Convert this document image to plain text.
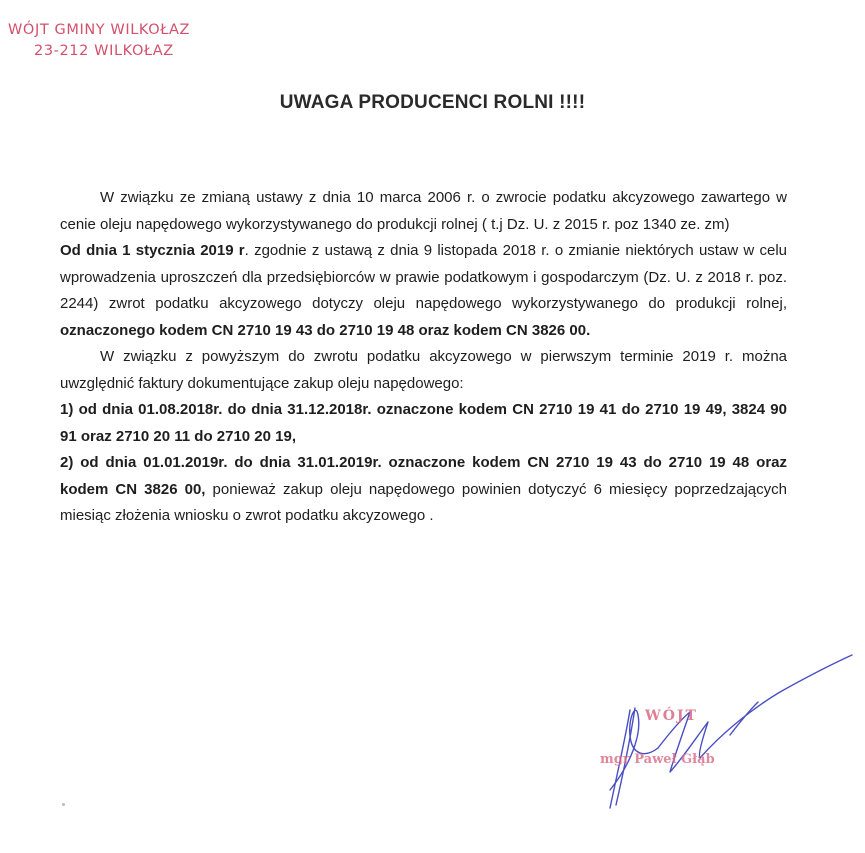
WÓJT GMINY WILKOŁAZ
23-212 WILKOŁAZ
UWAGA PRODUCENCI ROLNI !!!!

W związku ze zmianą ustawy z dnia 10 marca 2006 r. o zwrocie podatku akcyzowego zawartego w cenie oleju napędowego wykorzystywanego do produkcji rolnej ( t.j Dz. U. z 2015 r. poz 1340 ze. zm)

Od dnia 1 stycznia 2019 r. zgodnie z ustawą z dnia 9 listopada 2018 r. o zmianie niektórych ustaw w celu wprowadzenia uproszczeń dla przedsiębiorców w prawie podatkowym i gospodarczym (Dz. U. z 2018 r. poz. 2244) zwrot podatku akcyzowego dotyczy oleju napędowego wykorzystywanego do produkcji rolnej, oznaczonego kodem CN 2710 19 43 do 2710 19 48 oraz kodem CN 3826 00.

W związku z powyższym do zwrotu podatku akcyzowego w pierwszym terminie 2019 r. można uwzględnić faktury dokumentujące zakup oleju napędowego:

1) od dnia 01.08.2018r. do dnia 31.12.2018r. oznaczone kodem CN 2710 19 41 do 2710 19 49, 3824 90 91 oraz 2710 20 11 do 2710 20 19,

2) od dnia 01.01.2019r. do dnia 31.01.2019r. oznaczone kodem CN 2710 19 43 do 2710 19 48 oraz kodem CN 3826 00, ponieważ zakup oleju napędowego powinien dotyczyć 6 miesięcy poprzedzających miesiąc złożenia wniosku o zwrot podatku akcyzowego .

WÓJT
mgr Paweł Głąb
